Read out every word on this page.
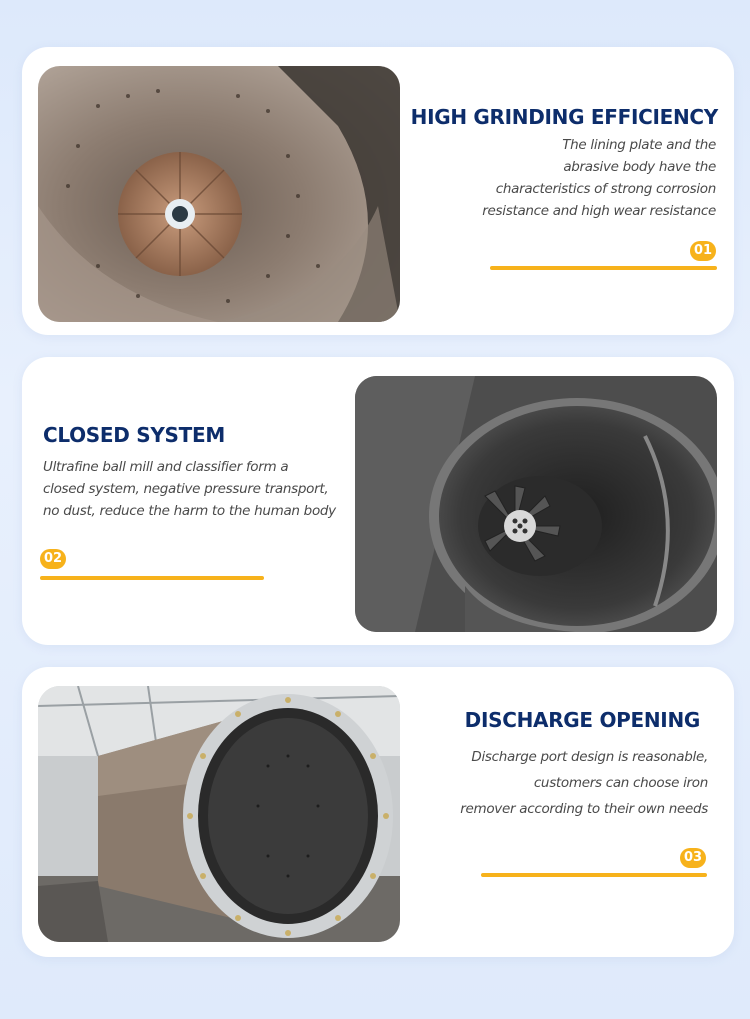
HIGH GRINDING EFFICIENCY

The lining plate and the
abrasive body have the
characteristics of strong corrosion
resistance and high wear resistance

01
CLOSED SYSTEM

Ultrafine ball mill and classifier form a
closed system, negative pressure transport,
no dust, reduce the harm to the human body

02
DISCHARGE OPENING

Discharge port design is reasonable,
customers can choose iron
remover according to their own needs

03
